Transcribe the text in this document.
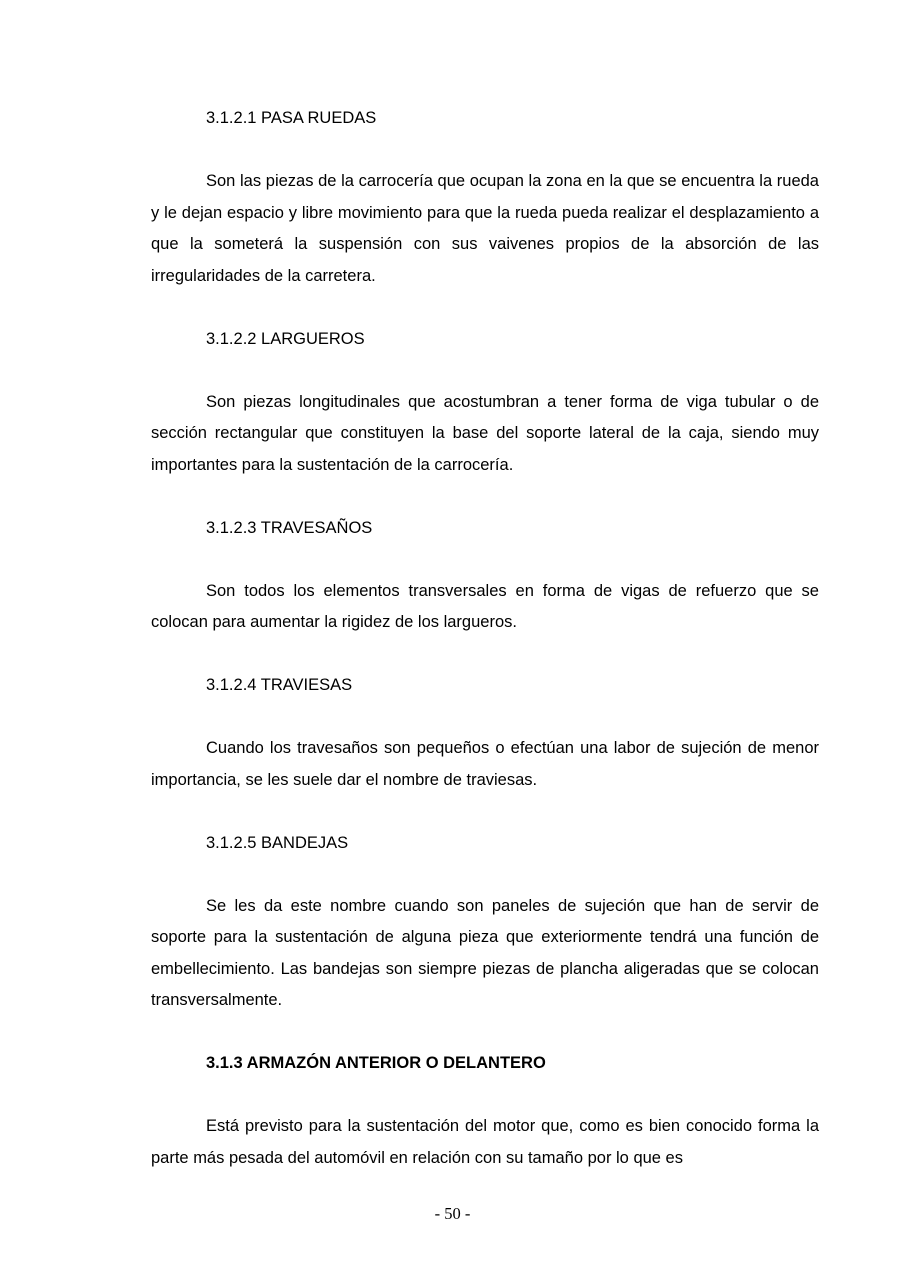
3.1.2.1 PASA RUEDAS

Son las piezas de la carrocería que ocupan la zona en la que se encuentra la rueda y le dejan espacio y libre movimiento para que la rueda pueda realizar el desplazamiento a que la someterá la suspensión con sus vaivenes propios de la absorción de las irregularidades de la carretera.

3.1.2.2 LARGUEROS

Son piezas longitudinales que acostumbran a tener forma de viga tubular o de sección rectangular que constituyen la base del soporte lateral de la caja, siendo muy importantes para la sustentación de la carrocería.

3.1.2.3 TRAVESAÑOS

Son todos los elementos transversales en forma de vigas de refuerzo que se colocan para aumentar la rigidez de los largueros.

3.1.2.4 TRAVIESAS

Cuando los travesaños son pequeños o efectúan una labor de sujeción de menor importancia, se les suele dar el nombre de traviesas.

3.1.2.5 BANDEJAS

Se les da este nombre cuando son paneles de sujeción que han de servir de soporte para la sustentación de alguna pieza que exteriormente tendrá una función de embellecimiento. Las bandejas son siempre piezas de plancha aligeradas que se colocan transversalmente.

3.1.3 ARMAZÓN ANTERIOR O DELANTERO

Está previsto para la sustentación del motor que, como es bien conocido forma la parte más pesada del automóvil en relación con su tamaño por lo que es

- 50 -
